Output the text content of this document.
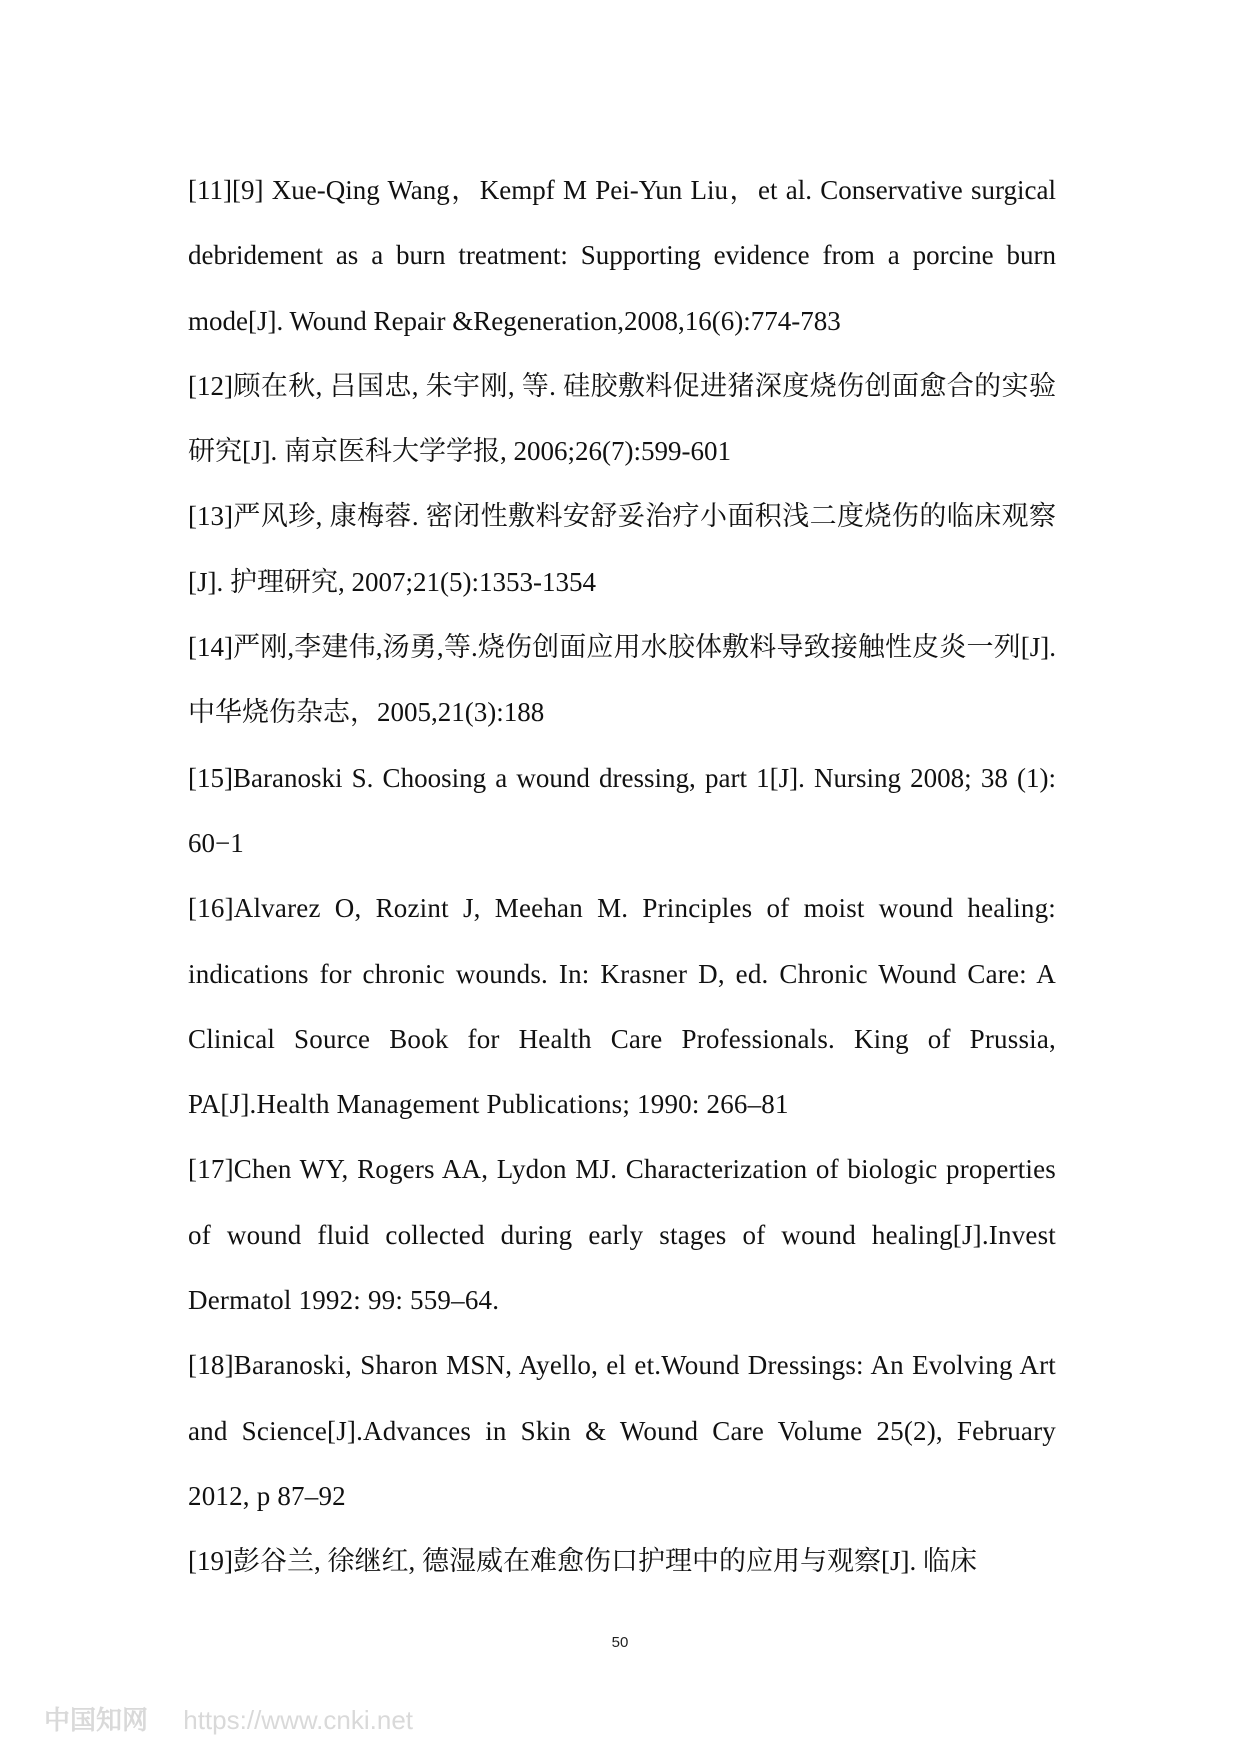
[11][9] Xue-Qing Wang，Kempf M Pei-Yun Liu，et al. Conservative surgical debridement as a burn treatment: Supporting evidence from a porcine burn mode[J]. Wound Repair &Regeneration,2008,16(6):774-783

[12]顾在秋, 吕国忠, 朱宇刚, 等. 硅胶敷料促进猪深度烧伤创面愈合的实验研究[J]. 南京医科大学学报, 2006;26(7):599-601

[13]严风珍, 康梅蓉. 密闭性敷料安舒妥治疗小面积浅二度烧伤的临床观察[J]. 护理研究, 2007;21(5):1353-1354

[14]严刚,李建伟,汤勇,等.烧伤创面应用水胶体敷料导致接触性皮炎一列[J].中华烧伤杂志，2005,21(3):188

[15]Baranoski S. Choosing a wound dressing, part 1[J]. Nursing 2008; 38 (1): 60−1

[16]Alvarez O, Rozint J, Meehan M. Principles of moist wound healing: indications for chronic wounds. In: Krasner D, ed. Chronic Wound Care: A Clinical Source Book for Health Care Professionals. King of Prussia, PA[J].Health Management Publications; 1990: 266–81

[17]Chen WY, Rogers AA, Lydon MJ. Characterization of biologic properties of wound fluid collected during early stages of wound healing[J].Invest Dermatol 1992: 99: 559–64.

[18]Baranoski, Sharon MSN, Ayello, el et.Wound Dressings: An Evolving Art and Science[J].Advances in Skin & Wound Care Volume 25(2), February 2012, p 87–92

[19]彭谷兰, 徐继红, 德湿威在难愈伤口护理中的应用与观察[J]. 临床

50
中国知网 https://www.cnki.net
